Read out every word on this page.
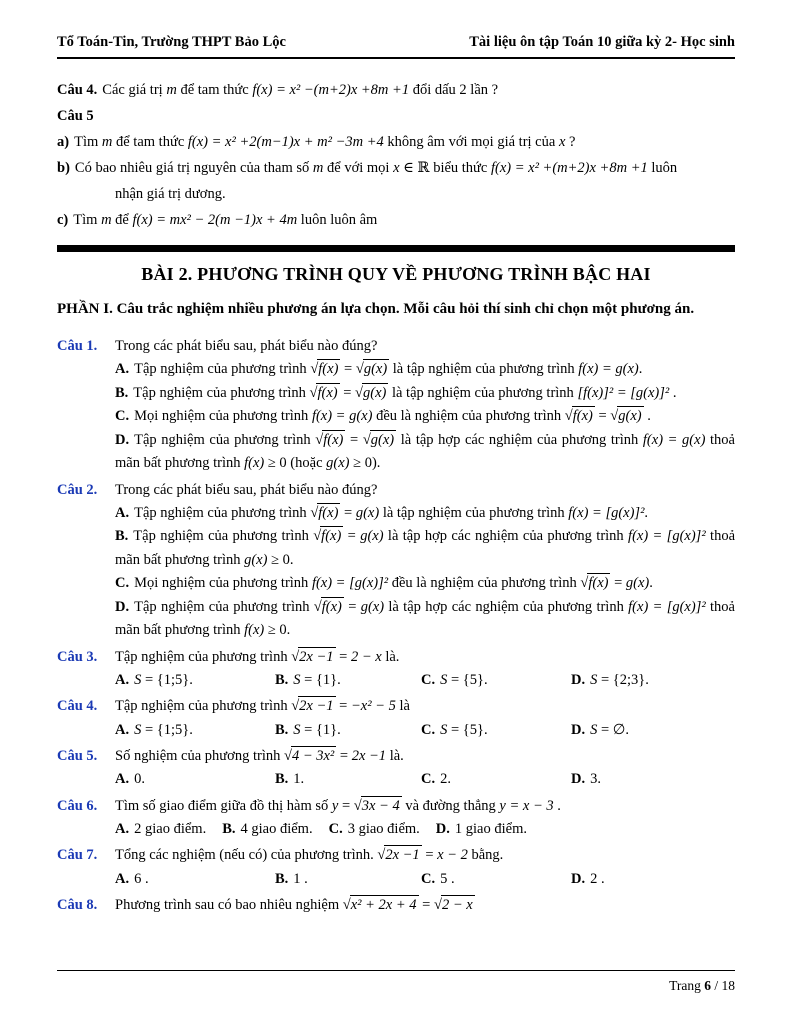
Tổ Toán-Tin, Trường THPT Bảo Lộc	Tài liệu ôn tập Toán 10 giữa kỳ 2- Học sinh

Câu 4. Các giá trị m để tam thức f(x) = x² −(m+2)x +8m +1 đổi dấu 2 lần ?

Câu 5

a) Tìm m để tam thức f(x) = x² +2(m−1)x + m² −3m +4 không âm với mọi giá trị của x ?

b) Có bao nhiêu giá trị nguyên của tham số m để với mọi x ∈ ℝ biểu thức f(x) = x² +(m+2)x +8m +1 luôn

nhận giá trị dương.

c) Tìm m để f(x) = mx² − 2(m −1)x + 4m luôn luôn âm

BÀI 2. PHƯƠNG TRÌNH QUY VỀ PHƯƠNG TRÌNH BẬC HAI

PHẦN I. Câu trắc nghiệm nhiều phương án lựa chọn. Mỗi câu hỏi thí sinh chỉ chọn một phương án.

Câu 1.	Trong các phát biểu sau, phát biểu nào đúng?
A. Tập nghiệm của phương trình √ f(x) = √ g(x) là tập nghiệm của phương trình f(x) = g(x).
B. Tập nghiệm của phương trình √ f(x) = √ g(x) là tập nghiệm của phương trình [f(x)]² = [g(x)]² .
C. Mọi nghiệm của phương trình f(x) = g(x) đều là nghiệm của phương trình √ f(x) = √ g(x) .
D. Tập nghiệm của phương trình √ f(x) = √ g(x) là tập hợp các nghiệm của phương trình f(x) = g(x) thoả mãn bất phương trình f(x) ≥ 0 (hoặc g(x) ≥ 0).
Câu 2.	Trong các phát biểu sau, phát biểu nào đúng?
A. Tập nghiệm của phương trình √ f(x) = g(x) là tập nghiệm của phương trình f(x) = [g(x)]².
B. Tập nghiệm của phương trình √ f(x) = g(x) là tập hợp các nghiệm của phương trình f(x) = [g(x)]² thoả mãn bất phương trình g(x) ≥ 0.
C. Mọi nghiệm của phương trình f(x) = [g(x)]² đều là nghiệm của phương trình √ f(x) = g(x).
D. Tập nghiệm của phương trình √ f(x) = g(x) là tập hợp các nghiệm của phương trình f(x) = [g(x)]² thoả mãn bất phương trình f(x) ≥ 0.
Câu 3.	Tập nghiệm của phương trình √ 2x −1 = 2 − x là.
A. S = {1;5}.	B. S = {1}.	C. S = {5}.	D. S = {2;3}.
Câu 4.	Tập nghiệm của phương trình √ 2x −1 = −x² − 5 là
A. S = {1;5}.	B. S = {1}.	C. S = {5}.	D. S = ∅.
Câu 5.	Số nghiệm của phương trình √ 4 − 3x² = 2x −1 là.
A. 0.	B. 1.	C. 2.	D. 3.
Câu 6.	Tìm số giao điểm giữa đồ thị hàm số y = √ 3x − 4 và đường thẳng y = x − 3 .
A. 2 giao điểm. B. 4 giao điểm. C. 3 giao điểm. D. 1 giao điểm.
Câu 7.	Tổng các nghiệm (nếu có) của phương trình. √ 2x −1 = x − 2 bằng.
A. 6 .	B. 1 .	C. 5 .	D. 2 .
Câu 8.	Phương trình sau có bao nhiêu nghiệm √ x² + 2x + 4 = √ 2 − x
Trang 6 / 18
